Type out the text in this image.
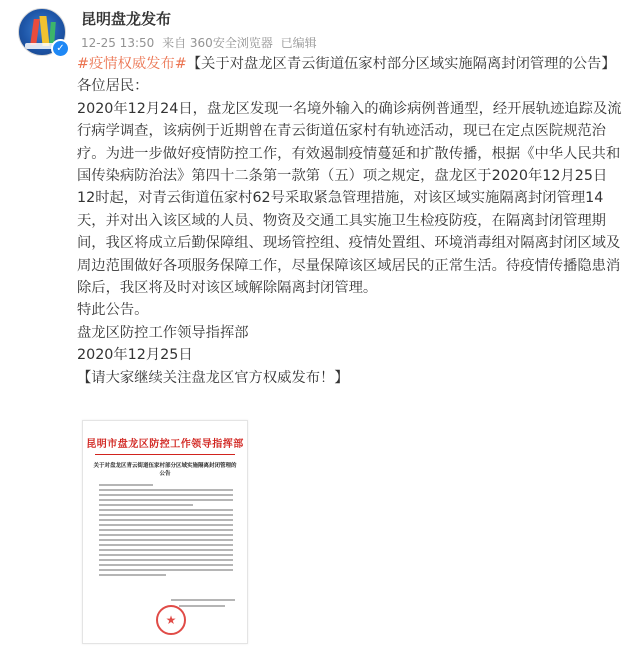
✓
昆明盘龙发布
12-25 13:50 来自 360安全浏览器 已编辑

#疫情权威发布#【关于对盘龙区青云街道伍家村部分区域实施隔离封闭管理的公告】

各位居民：

2020年12月24日，盘龙区发现一名境外输入的确诊病例普通型，经开展轨迹追踪及流行病学调查，该病例于近期曾在青云街道伍家村有轨迹活动，现已在定点医院规范治疗。为进一步做好疫情防控工作，有效遏制疫情蔓延和扩散传播，根据《中华人民共和国传染病防治法》第四十二条第一款第（五）项之规定，盘龙区于2020年12月25日12时起，对青云街道伍家村62号采取紧急管理措施，对该区域实施隔离封闭管理14天，并对出入该区域的人员、物资及交通工具实施卫生检疫防疫，在隔离封闭管理期间，我区将成立后勤保障组、现场管控组、疫情处置组、环境消毒组对隔离封闭区域及周边范围做好各项服务保障工作，尽量保障该区域居民的正常生活。待疫情传播隐患消除后，我区将及时对该区域解除隔离封闭管理。

特此公告。

盘龙区防控工作领导指挥部

2020年12月25日

【请大家继续关注盘龙区官方权威发布！】

昆明市盘龙区防控工作领导指挥部
关于对盘龙区青云街道伍家村部分区域实施隔离封闭管理的公告
★
